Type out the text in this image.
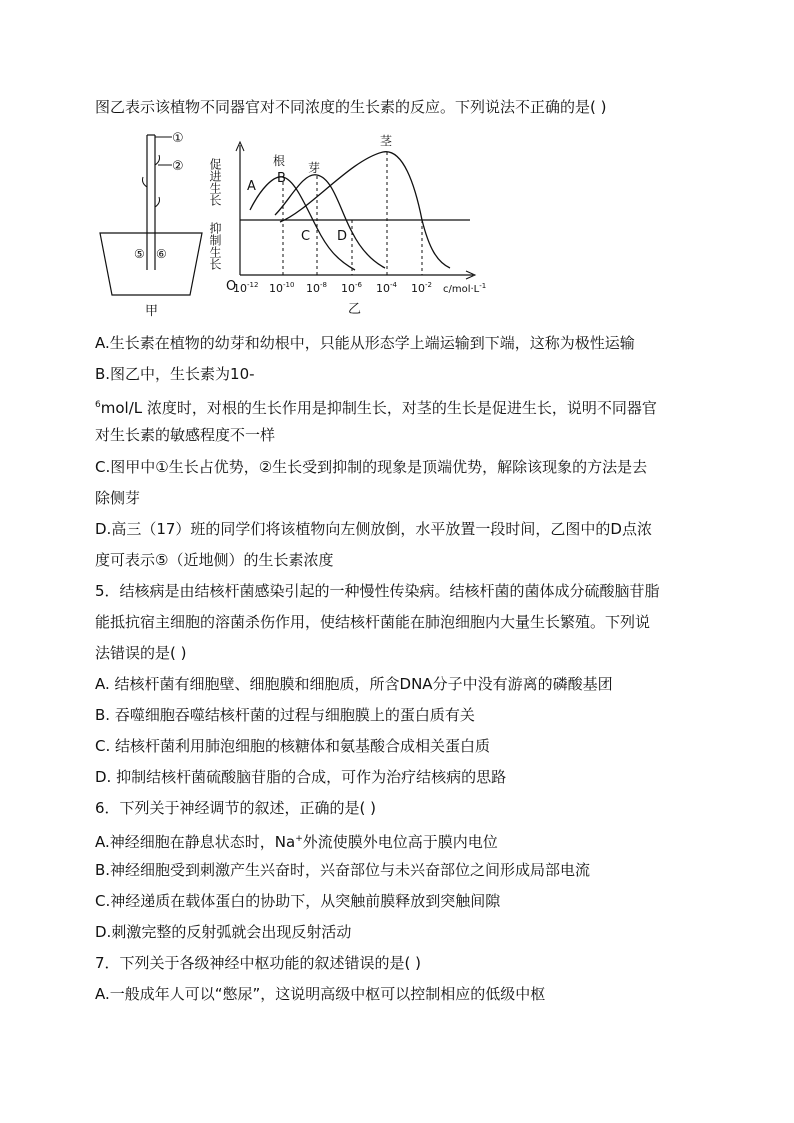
图乙表示该植物不同器官对不同浓度的生长素的反应。下列说法不正确的是( )
①
②
⑤ ⑥
甲
促进生长
抑制生长
O
根 芽
茎
A
B
C D
$10^{-12}$ $10^{-10}$ $10^{-8}$ $10^{-6}$ $10^{-4}$ $10^{-2}$ $c/mol\cdot L^{-1}$
乙
A.生长素在植物的幼芽和幼根中，只能从形态学上端运输到下端，这称为极性运输
B.图乙中，生长素为10-
$^6$mol/L 浓度时，对根的生长作用是抑制生长，对茎的生长是促进生长，说明不同器官
对生长素的敏感程度不一样
C.图甲中①生长占优势，②生长受到抑制的现象是顶端优势，解除该现象的方法是去
除侧芽
D.高三（17）班的同学们将该植物向左侧放倒，水平放置一段时间，乙图中的D点浓
度可表示⑤（近地侧）的生长素浓度
5．结核病是由结核杆菌感染引起的一种慢性传染病。结核杆菌的菌体成分硫酸脑苷脂
能抵抗宿主细胞的溶菌杀伤作用，使结核杆菌能在肺泡细胞内大量生长繁殖。下列说
法错误的是( )
A. 结核杆菌有细胞壁、细胞膜和细胞质，所含DNA分子中没有游离的磷酸基团
B. 吞噬细胞吞噬结核杆菌的过程与细胞膜上的蛋白质有关
C. 结核杆菌利用肺泡细胞的核糖体和氨基酸合成相关蛋白质
D. 抑制结核杆菌硫酸脑苷脂的合成，可作为治疗结核病的思路
6．下列关于神经调节的叙述，正确的是( )
A.神经细胞在静息状态时，Na+外流使膜外电位高于膜内电位
B.神经细胞受到刺激产生兴奋时，兴奋部位与未兴奋部位之间形成局部电流
C.神经递质在载体蛋白的协助下，从突触前膜释放到突触间隙
D.刺激完整的反射弧就会出现反射活动
7．下列关于各级神经中枢功能的叙述错误的是( )
A.一般成年人可以“憋尿”，这说明高级中枢可以控制相应的低级中枢
